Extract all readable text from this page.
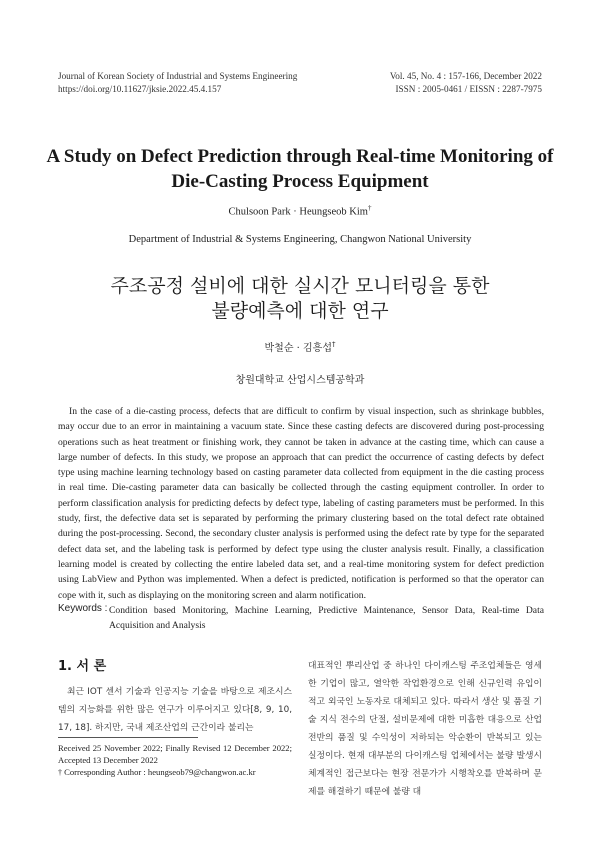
Journal of Korean Society of Industrial and Systems Engineering
https://doi.org/10.11627/jksie.2022.45.4.157
Vol. 45, No. 4 : 157-166, December 2022
ISSN : 2005-0461 / EISSN : 2287-7975
A Study on Defect Prediction through Real-time Monitoring of
Die-Casting Process Equipment
Chulsoon Park · Heungseob Kim†
Department of Industrial & Systems Engineering, Changwon National University
주조공정 설비에 대한 실시간 모니터링을 통한
불량예측에 대한 연구
박철순 · 김흥섭†
창원대학교 산업시스템공학과
In the case of a die-casting process, defects that are difficult to confirm by visual inspection, such as shrinkage bubbles, may occur due to an error in maintaining a vacuum state. Since these casting defects are discovered during post-processing operations such as heat treatment or finishing work, they cannot be taken in advance at the casting time, which can cause a large number of defects. In this study, we propose an approach that can predict the occurrence of casting defects by defect type using machine learning technology based on casting parameter data collected from equipment in the die casting process in real time. Die-casting parameter data can basically be collected through the casting equipment controller. In order to perform classification analysis for predicting defects by defect type, labeling of casting parameters must be performed. In this study, first, the defective data set is separated by performing the primary clustering based on the total defect rate obtained during the post-processing. Second, the secondary cluster analysis is performed using the defect rate by type for the separated defect data set, and the labeling task is performed by defect type using the cluster analysis result. Finally, a classification learning model is created by collecting the entire labeled data set, and a real-time monitoring system for defect prediction using LabView and Python was implemented. When a defect is predicted, notification is performed so that the operator can cope with it, such as displaying on the monitoring screen and alarm notification.
Keywords : Condition based Monitoring, Machine Learning, Predictive Maintenance, Sensor Data, Real-time Data Acquisition and Analysis
1. 서 론
최근 IOT 센서 기술과 인공지능 기술을 바탕으로 제조시스템의 지능화를 위한 많은 연구가 이루어지고 있다[8, 9, 10, 17, 18]. 하지만, 국내 제조산업의 근간이라 불리는
대표적인 뿌리산업 중 하나인 다이캐스팅 주조업체들은 영세한 기업이 많고, 열악한 작업환경으로 인해 신규인력 유입이 적고 외국인 노동자로 대체되고 있다. 따라서 생산 및 품질 기술 지식 전수의 단절, 설비문제에 대한 미흡한 대응으로 산업 전반의 품질 및 수익성이 저하되는 악순환이 반복되고 있는 실정이다. 현재 대부분의 다이캐스팅 업체에서는 불량 발생시 체계적인 접근보다는 현장 전문가가 시행착오를 반복하며 문제를 해결하기 때문에 불량 대
Received 25 November 2022; Finally Revised 12 December 2022; Accepted 13 December 2022
† Corresponding Author : heungseob79@changwon.ac.kr
